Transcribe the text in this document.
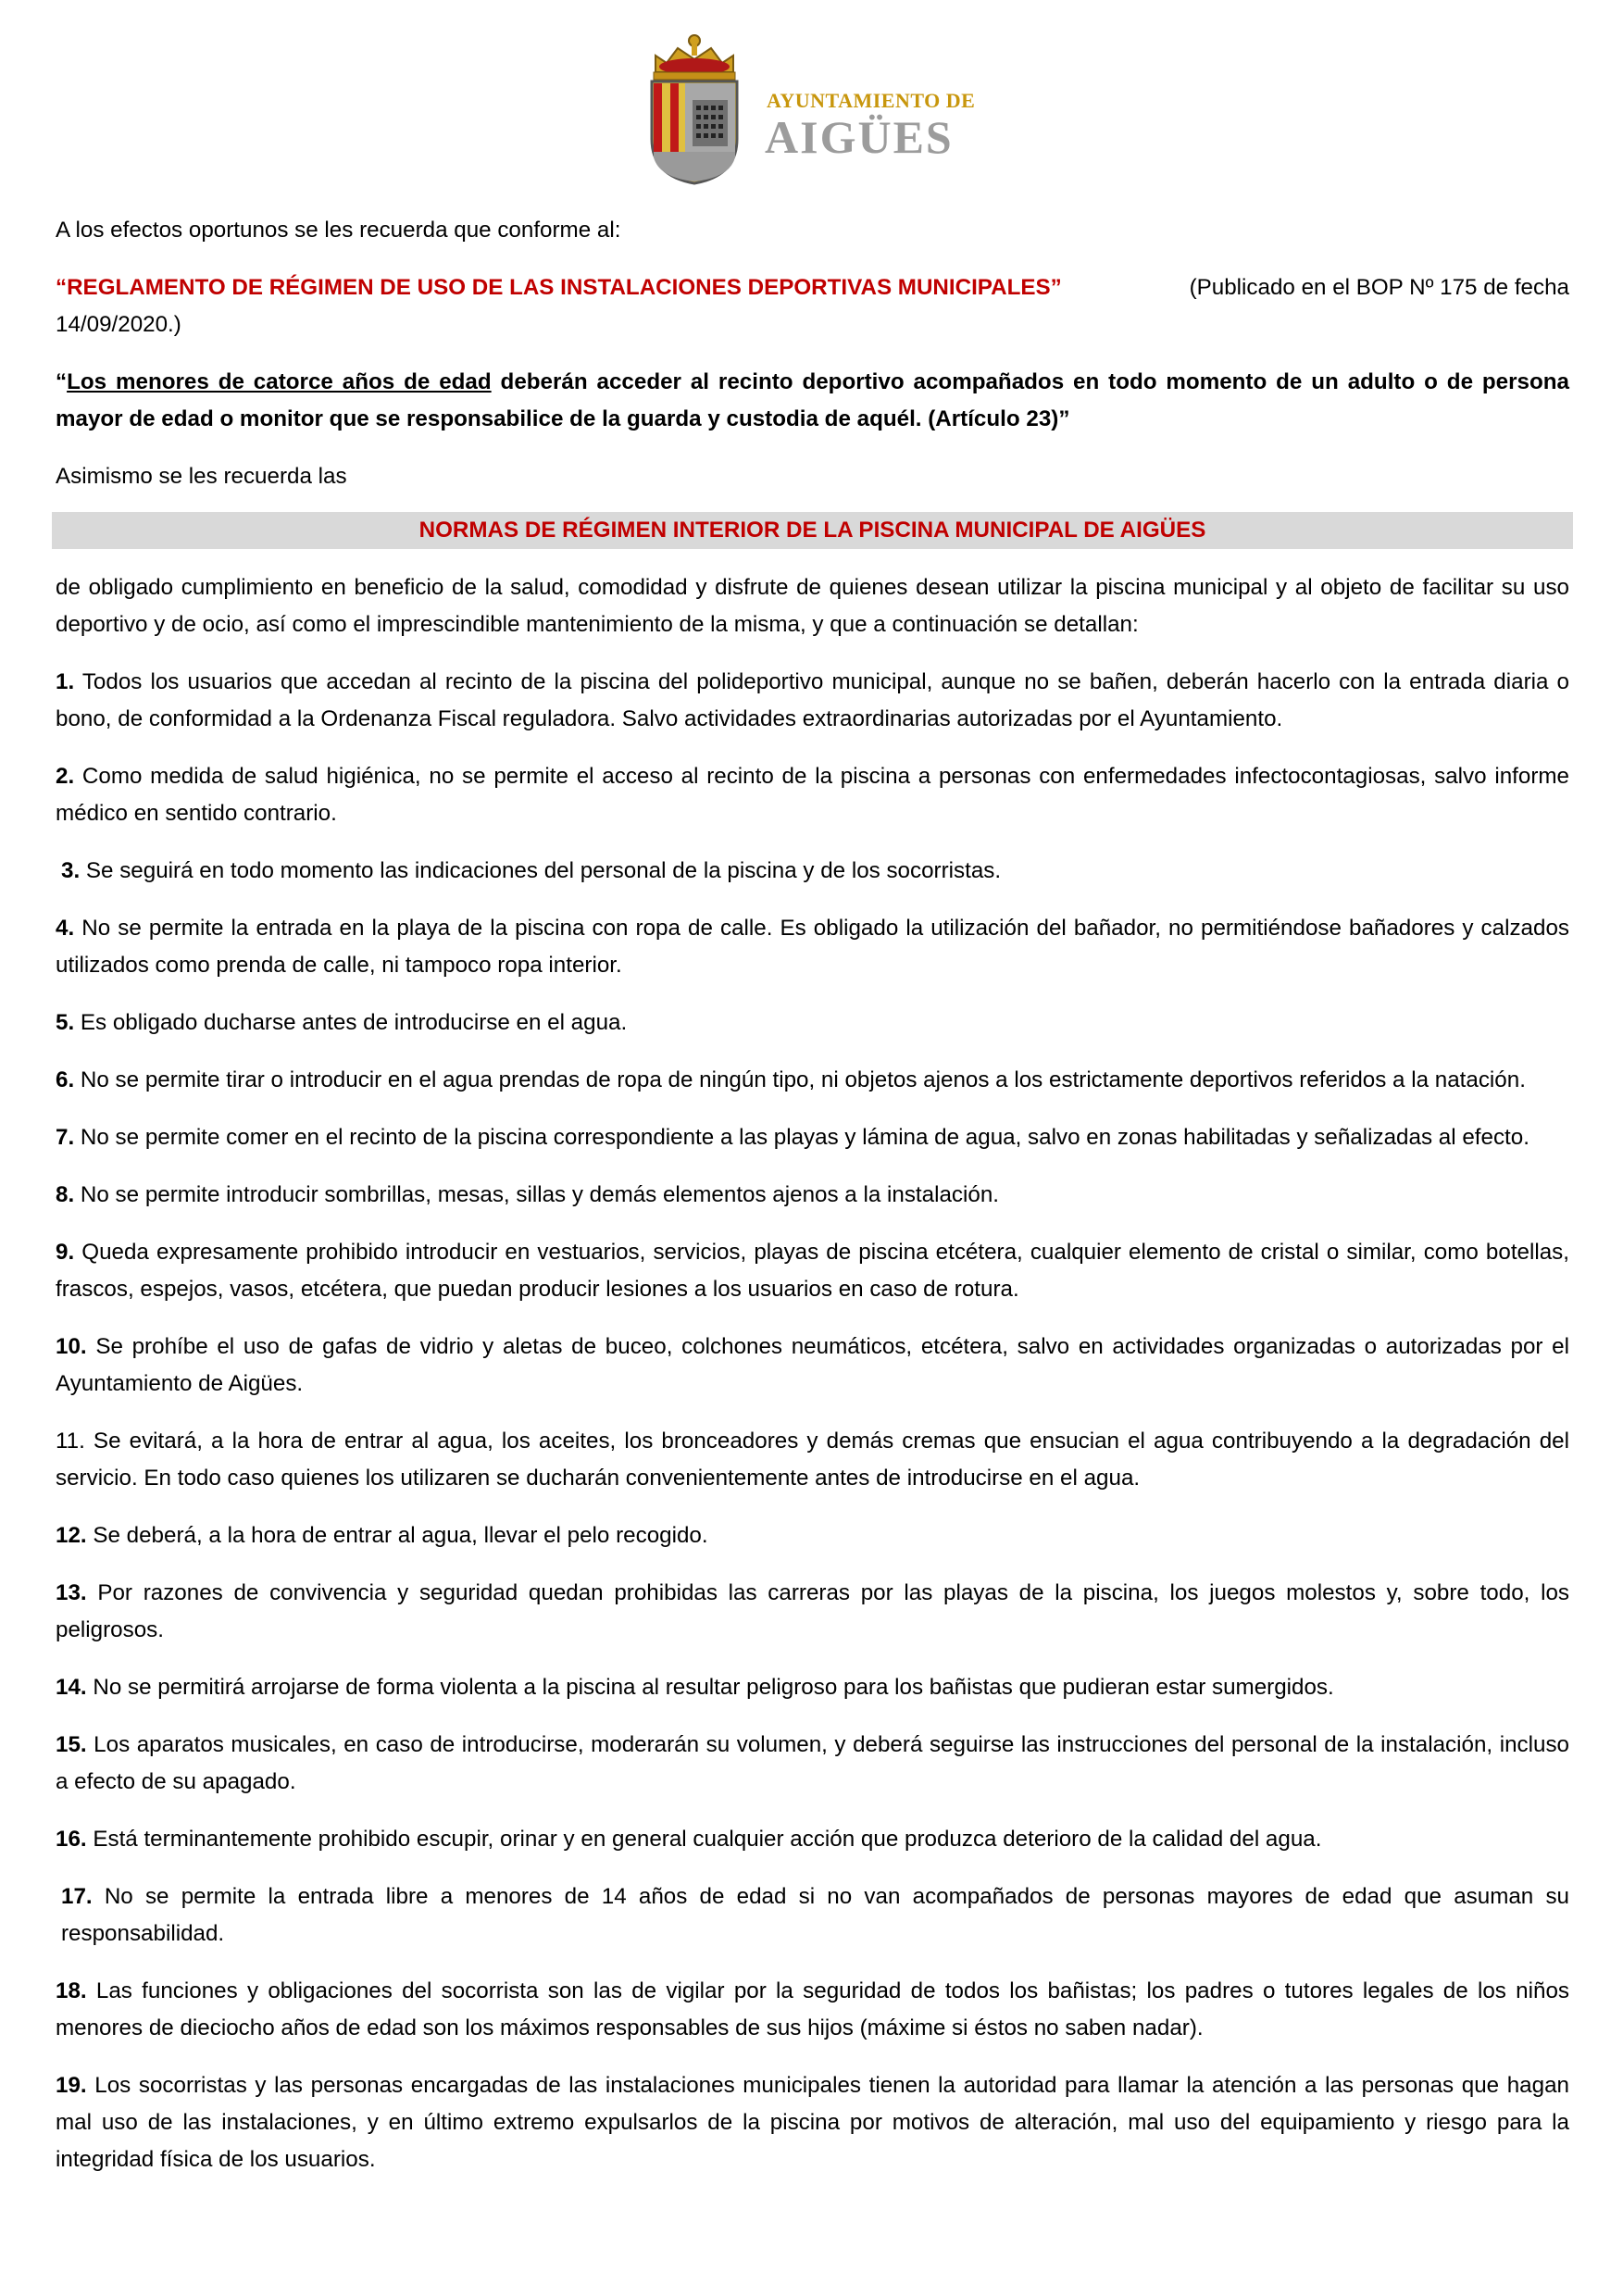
AYUNTAMIENTO DE
AIGÜES

A los efectos oportunos se les recuerda que conforme al:

“REGLAMENTO DE RÉGIMEN DE USO DE LAS INSTALACIONES DEPORTIVAS MUNICIPALES”	(Publicado en el BOP Nº 175 de fecha
14/09/2020.)

“Los menores de catorce años de edad deberán acceder al recinto deportivo acompañados en todo momento de un adulto o de persona mayor de edad o monitor que se responsabilice de la guarda y custodia de aquél. (Artículo 23)”

Asimismo se les recuerda las

NORMAS DE RÉGIMEN INTERIOR DE LA PISCINA MUNICIPAL DE AIGÜES

de obligado cumplimiento en beneficio de la salud, comodidad y disfrute de quienes desean utilizar la piscina municipal y al objeto de facilitar su uso deportivo y de ocio, así como el imprescindible mantenimiento de la misma, y que a continuación se detallan:

1. Todos los usuarios que accedan al recinto de la piscina del polideportivo municipal, aunque no se bañen, deberán hacerlo con la entrada diaria o bono, de conformidad a la Ordenanza Fiscal reguladora. Salvo actividades extraordinarias autorizadas por el Ayuntamiento.
2. Como medida de salud higiénica, no se permite el acceso al recinto de la piscina a personas con enfermedades infectocontagiosas, salvo informe médico en sentido contrario.
3. Se seguirá en todo momento las indicaciones del personal de la piscina y de los socorristas.
4. No se permite la entrada en la playa de la piscina con ropa de calle. Es obligado la utilización del bañador, no permitiéndose bañadores y calzados utilizados como prenda de calle, ni tampoco ropa interior.
5. Es obligado ducharse antes de introducirse en el agua.
6. No se permite tirar o introducir en el agua prendas de ropa de ningún tipo, ni objetos ajenos a los estrictamente deportivos referidos a la natación.
7. No se permite comer en el recinto de la piscina correspondiente a las playas y lámina de agua, salvo en zonas habilitadas y señalizadas al efecto.
8. No se permite introducir sombrillas, mesas, sillas y demás elementos ajenos a la instalación.
9. Queda expresamente prohibido introducir en vestuarios, servicios, playas de piscina etcétera, cualquier elemento de cristal o similar, como botellas, frascos, espejos, vasos, etcétera, que puedan producir lesiones a los usuarios en caso de rotura.
10. Se prohíbe el uso de gafas de vidrio y aletas de buceo, colchones neumáticos, etcétera, salvo en actividades organizadas o autorizadas por el Ayuntamiento de Aigües.
11. Se evitará, a la hora de entrar al agua, los aceites, los bronceadores y demás cremas que ensucian el agua contribuyendo a la degradación del servicio. En todo caso quienes los utilizaren se ducharán convenientemente antes de introducirse en el agua.
12. Se deberá, a la hora de entrar al agua, llevar el pelo recogido.
13. Por razones de convivencia y seguridad quedan prohibidas las carreras por las playas de la piscina, los juegos molestos y, sobre todo, los peligrosos.
14. No se permitirá arrojarse de forma violenta a la piscina al resultar peligroso para los bañistas que pudieran estar sumergidos.
15. Los aparatos musicales, en caso de introducirse, moderarán su volumen, y deberá seguirse las instrucciones del personal de la instalación, incluso a efecto de su apagado.
16. Está terminantemente prohibido escupir, orinar y en general cualquier acción que produzca deterioro de la calidad del agua.
17. No se permite la entrada libre a menores de 14 años de edad si no van acompañados de personas mayores de edad que asuman su responsabilidad.
18. Las funciones y obligaciones del socorrista son las de vigilar por la seguridad de todos los bañistas; los padres o tutores legales de los niños menores de dieciocho años de edad son los máximos responsables de sus hijos (máxime si éstos no saben nadar).
19. Los socorristas y las personas encargadas de las instalaciones municipales tienen la autoridad para llamar la atención a las personas que hagan mal uso de las instalaciones, y en último extremo expulsarlos de la piscina por motivos de alteración, mal uso del equipamiento y riesgo para la integridad física de los usuarios.
